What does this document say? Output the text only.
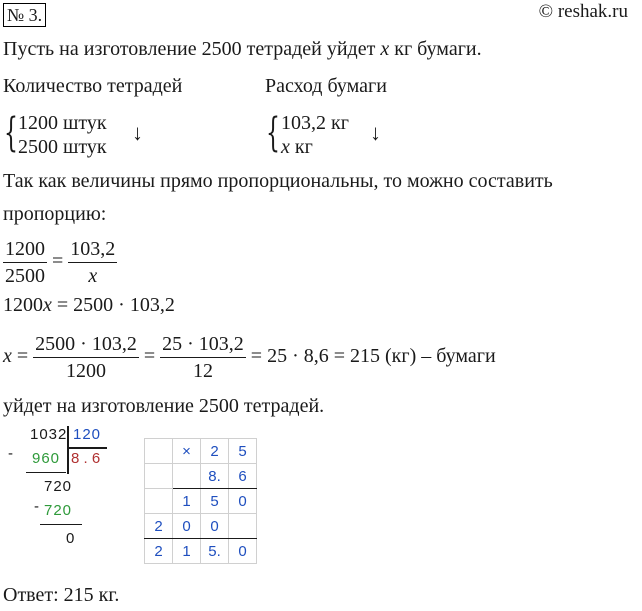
№ 3.	© reshak.ru
Пусть на изготовление 2500 тетрадей уйдет x кг бумаги.
Количество тетрадей	Расход бумаги
{ 1200 штук
2500 штук
↓	{ 103,2 кг
x кг
↓
Так как величины прямо пропорциональны, то можно составить
пропорцию:
$\frac{1200}{2500} = \frac{103,2}{x}$
1200x = 2500 · 103,2
$x = \frac{2500 \cdot 103,2}{1200} = \frac{25 \cdot 103,2}{12} = 25 \cdot 8,6 = 215$ (кг) – бумаги
уйдет на изготовление 2500 тетрадей.
-
1032 120
960 8 . 6
-
720
720
0
	×	2	5
		8.	6
	1	5	0
2	0	0	
2	1	5.	0
Ответ: 215 кг.
